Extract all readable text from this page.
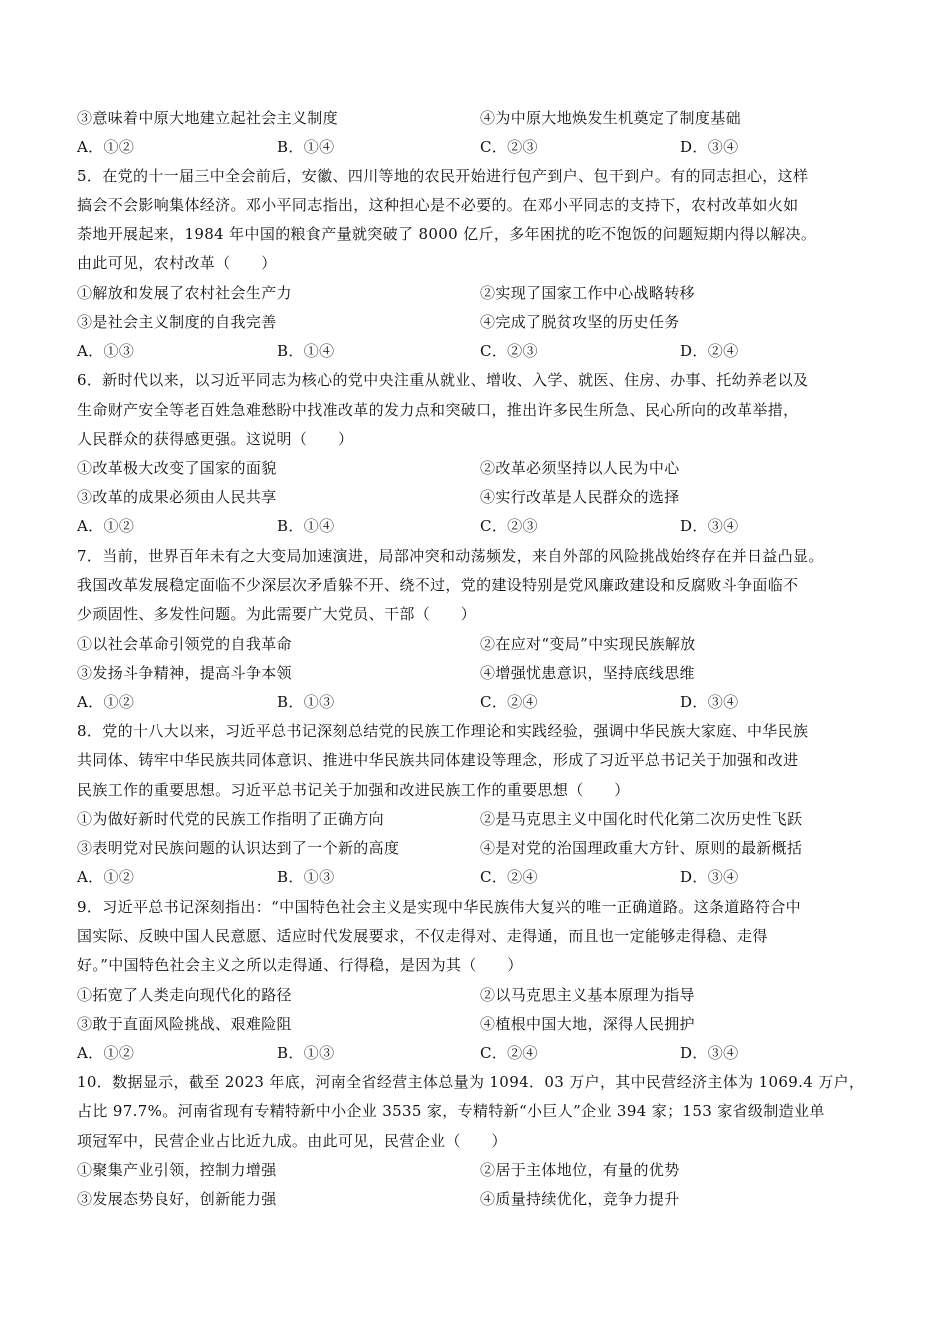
③意味着中原大地建立起社会主义制度	④为中原大地焕发生机奠定了制度基础
A．①②	B．①④	C．②③	D．③④
5．在党的十一届三中全会前后，安徽、四川等地的农民开始进行包产到户、包干到户。有的同志担心，这样
搞会不会影响集体经济。邓小平同志指出，这种担心是不必要的。在邓小平同志的支持下，农村改革如火如
荼地开展起来，1984 年中国的粮食产量就突破了 8000 亿斤，多年困扰的吃不饱饭的问题短期内得以解决。
由此可见，农村改革（　　）
①解放和发展了农村社会生产力	②实现了国家工作中心战略转移
③是社会主义制度的自我完善	④完成了脱贫攻坚的历史任务
A．①③	B．①④	C．②③	D．②④
6．新时代以来，以习近平同志为核心的党中央注重从就业、增收、入学、就医、住房、办事、托幼养老以及
生命财产安全等老百姓急难愁盼中找准改革的发力点和突破口，推出许多民生所急、民心所向的改革举措，
人民群众的获得感更强。这说明（　　）
①改革极大改变了国家的面貌	②改革必须坚持以人民为中心
③改革的成果必须由人民共享	④实行改革是人民群众的选择
A．①②	B．①④	C．②③	D．③④
7．当前，世界百年未有之大变局加速演进，局部冲突和动荡频发，来自外部的风险挑战始终存在并日益凸显。
我国改革发展稳定面临不少深层次矛盾躲不开、绕不过，党的建设特别是党风廉政建设和反腐败斗争面临不
少顽固性、多发性问题。为此需要广大党员、干部（　　）
①以社会革命引领党的自我革命	②在应对“变局”中实现民族解放
③发扬斗争精神，提高斗争本领	④增强忧患意识，坚持底线思维
A．①②	B．①③	C．②④	D．③④
8．党的十八大以来，习近平总书记深刻总结党的民族工作理论和实践经验，强调中华民族大家庭、中华民族
共同体、铸牢中华民族共同体意识、推进中华民族共同体建设等理念，形成了习近平总书记关于加强和改进
民族工作的重要思想。习近平总书记关于加强和改进民族工作的重要思想（　　）
①为做好新时代党的民族工作指明了正确方向	②是马克思主义中国化时代化第二次历史性飞跃
③表明党对民族问题的认识达到了一个新的高度	④是对党的治国理政重大方针、原则的最新概括
A．①②	B．①③	C．②④	D．③④
9．习近平总书记深刻指出：“中国特色社会主义是实现中华民族伟大复兴的唯一正确道路。这条道路符合中
国实际、反映中国人民意愿、适应时代发展要求，不仅走得对、走得通，而且也一定能够走得稳、走得
好。”中国特色社会主义之所以走得通、行得稳，是因为其（　　）
①拓宽了人类走向现代化的路径	②以马克思主义基本原理为指导
③敢于直面风险挑战、艰难险阻	④植根中国大地，深得人民拥护
A．①②	B．①③	C．②④	D．③④
10．数据显示，截至 2023 年底，河南全省经营主体总量为 1094．03 万户，其中民营经济主体为 1069.4 万户，
占比 97.7%。河南省现有专精特新中小企业 3535 家，专精特新“小巨人”企业 394 家；153 家省级制造业单
项冠军中，民营企业占比近九成。由此可见，民营企业（　　）
①聚集产业引领，控制力增强	②居于主体地位，有量的优势
③发展态势良好，创新能力强	④质量持续优化，竞争力提升
